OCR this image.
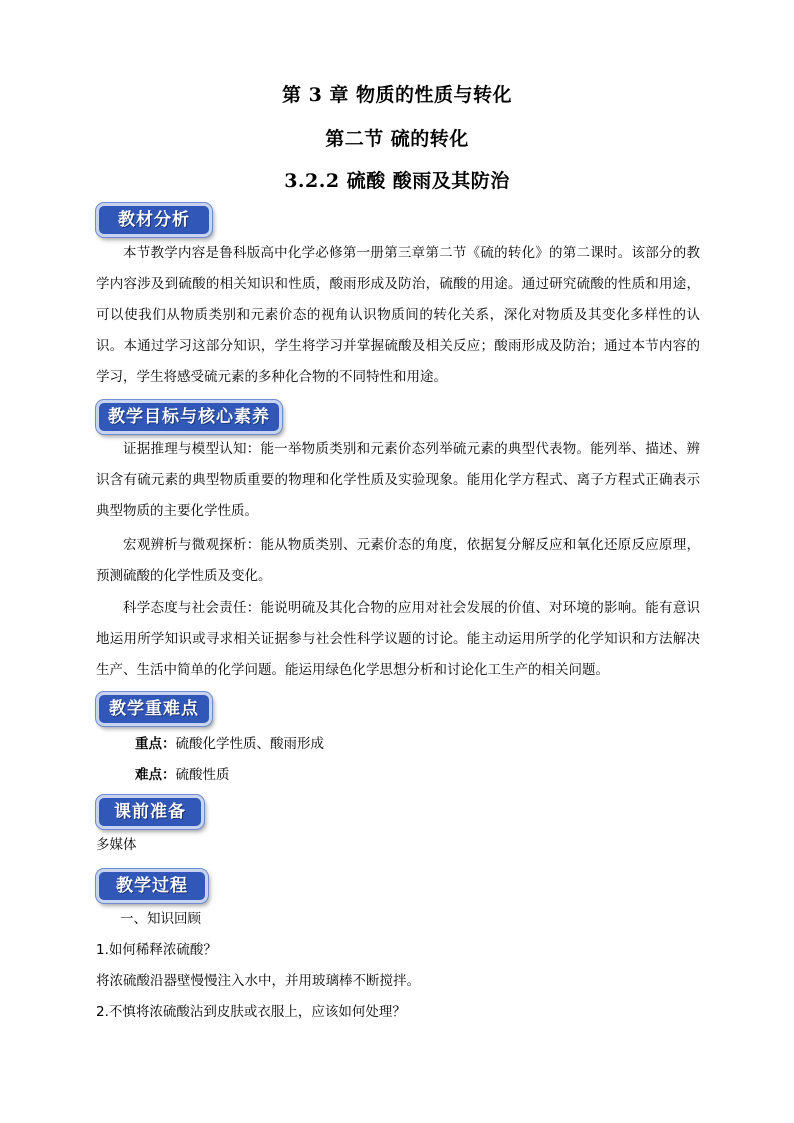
第 3 章 物质的性质与转化
第二节 硫的转化
3.2.2 硫酸 酸雨及其防治
教材分析
本节教学内容是鲁科版高中化学必修第一册第三章第二节《硫的转化》的第二课时。该部分的教学内容涉及到硫酸的相关知识和性质，酸雨形成及防治，硫酸的用途。通过研究硫酸的性质和用途，可以使我们从物质类别和元素价态的视角认识物质间的转化关系，深化对物质及其变化多样性的认识。本通过学习这部分知识，学生将学习并掌握硫酸及相关反应；酸雨形成及防治；通过本节内容的学习，学生将感受硫元素的多种化合物的不同特性和用途。
教学目标与核心素养
证据推理与模型认知：能一举物质类别和元素价态列举硫元素的典型代表物。能列举、描述、辨识含有硫元素的典型物质重要的物理和化学性质及实验现象。能用化学方程式、离子方程式正确表示典型物质的主要化学性质。
宏观辨析与微观探析：能从物质类别、元素价态的角度，依据复分解反应和氧化还原反应原理，预测硫酸的化学性质及变化。
科学态度与社会责任：能说明硫及其化合物的应用对社会发展的价值、对环境的影响。能有意识地运用所学知识或寻求相关证据参与社会性科学议题的讨论。能主动运用所学的化学知识和方法解决生产、生活中简单的化学问题。能运用绿色化学思想分析和讨论化工生产的相关问题。
教学重难点
重点：硫酸化学性质、酸雨形成
难点：硫酸性质
课前准备
多媒体
教学过程
一、知识回顾
1.如何稀释浓硫酸？
将浓硫酸沿器壁慢慢注入水中，并用玻璃棒不断搅拌。
2.不慎将浓硫酸沾到皮肤或衣服上，应该如何处理？
